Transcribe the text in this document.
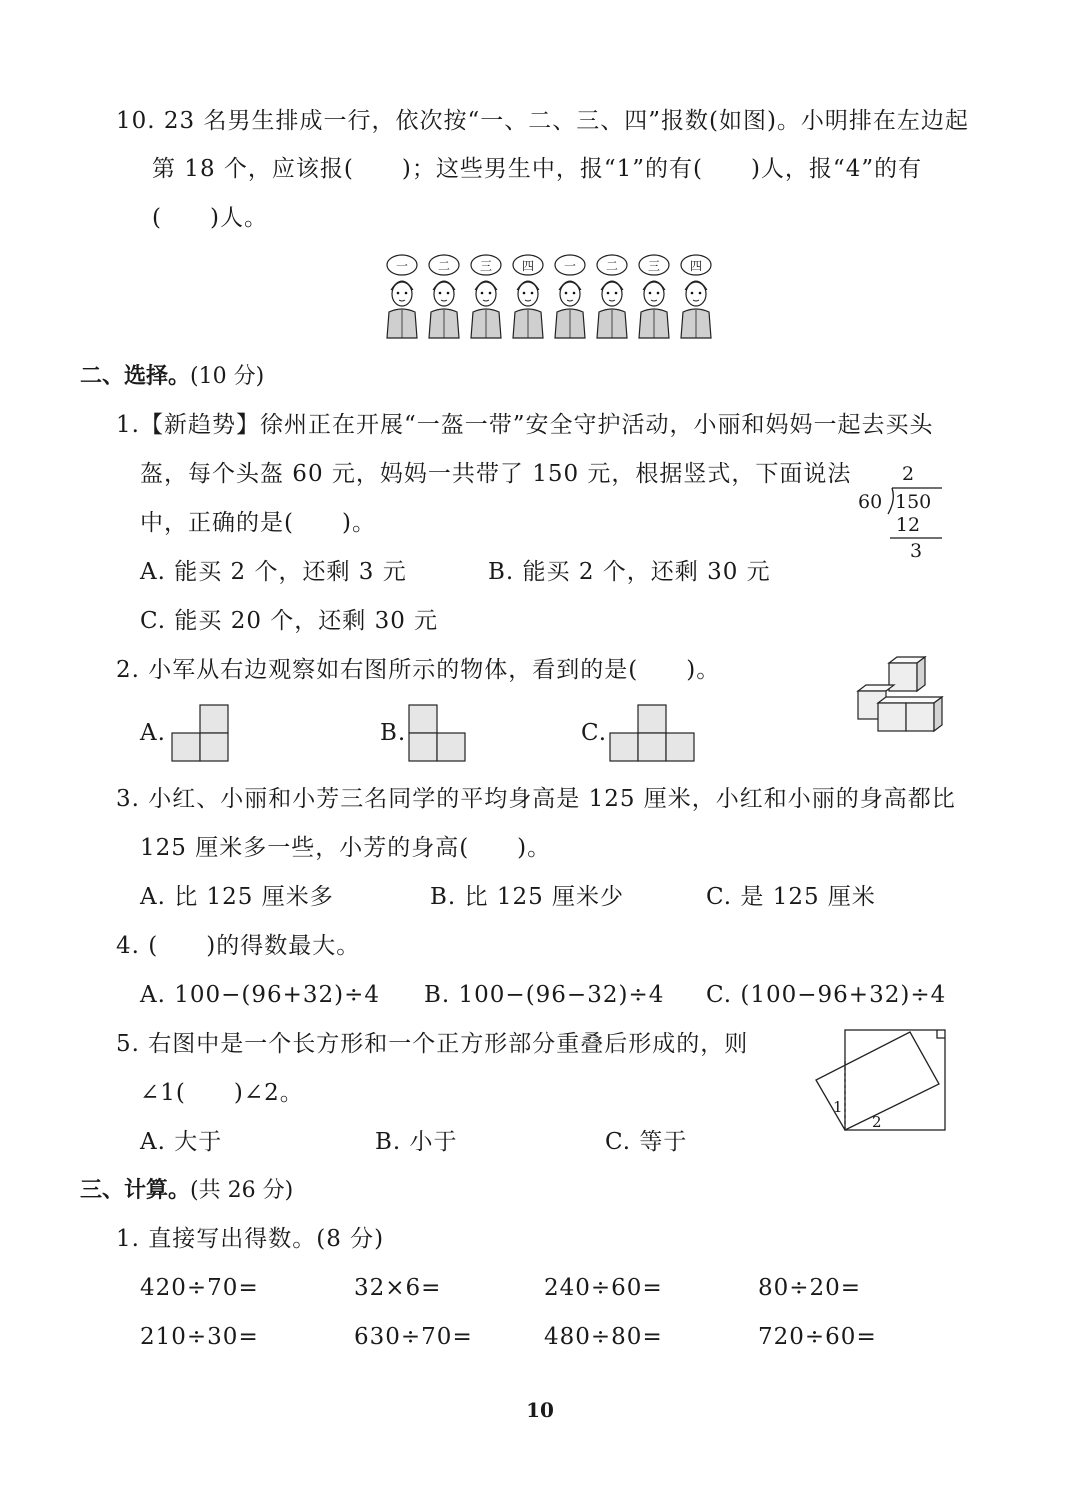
10. 23 名男生排成一行，依次按“一、二、三、四”报数(如图)。小明排在左边起
第 18 个，应该报(　　)；这些男生中，报“1”的有(　　)人，报“4”的有
(　　)人。
一 二 三 四 一 二 三 四
二、选择。(10 分)
1.【新趋势】徐州正在开展“一盔一带”安全守护活动，小丽和妈妈一起去买头
盔，每个头盔 60 元，妈妈一共带了 150 元，根据竖式，下面说法
中，正确的是(　　)。
A. 能买 2 个，还剩 3 元	B. 能买 2 个，还剩 30 元
C. 能买 20 个，还剩 30 元
2
60 150
12
3
2. 小军从右边观察如右图所示的物体，看到的是(　　)。
A.	B.	C.
3. 小红、小丽和小芳三名同学的平均身高是 125 厘米，小红和小丽的身高都比
125 厘米多一些，小芳的身高(　　)。
A. 比 125 厘米多	B. 比 125 厘米少	C. 是 125 厘米
4. (　　)的得数最大。
A. 100−(96+32)÷4 B. 100−(96−32)÷4 C. (100−96+32)÷4
5. 右图中是一个长方形和一个正方形部分重叠后形成的，则
∠1(　　)∠2。
A. 大于	B. 小于	C. 等于
1
2
三、计算。(共 26 分)
1. 直接写出得数。(8 分)
420÷70=	32×6=	240÷60=	80÷20=
210÷30=	630÷70=	480÷80=	720÷60=
10
